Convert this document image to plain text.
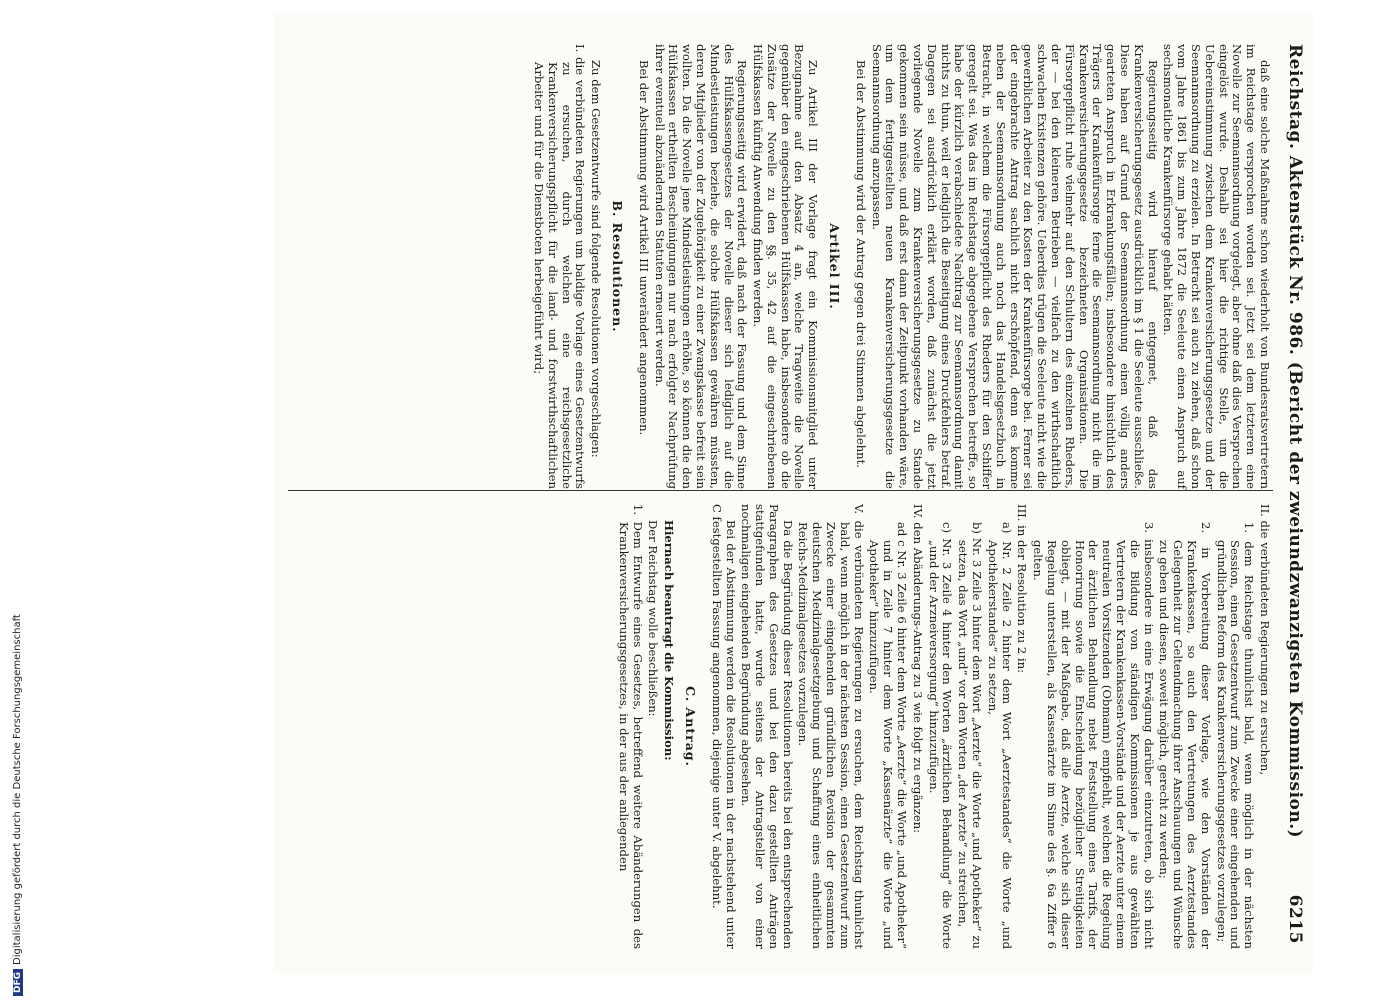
Reichstag. Aktenstück Nr. 986. (Bericht der zweiundzwanzigsten Kommission.)
6215

daß eine solche Maßnahme schon wiederholt von Bundesratsvertretern im Reichstage versprochen worden sei. Jetzt sei dem letzteren eine Novelle zur Seemannsordnung vorgelegt, aber ohne daß dies Versprechen eingelöst wurde. Deshalb sei hier die richtige Stelle, um die Uebereinstimmung zwischen dem Krankenversicherungsgesetze und der Seemannsordnung zu erzielen. In Betracht sei auch zu ziehen, daß schon vom Jahre 1861 bis zum Jahre 1872 die Seeleute einen Anspruch auf sechsmonatliche Krankenfürsorge gehabt hätten.

Regierungsseitig wird hierauf entgegnet, daß das Krankenversicherungsgesetz ausdrücklich im § 1 die Seeleute ausschließe. Diese haben auf Grund der Seemannsordnung einen völlig anders gearteten Anspruch in Erkrankungsfällen; insbesondere hinsichtlich des Trägers der Krankenfürsorge ferne die Seemannsordnung nicht die im Krankenversicherungsgesetze bezeichneten Organisationen. Die Fürsorgepflicht ruhe vielmehr auf den Schultern des einzelnen Rheders, der — bei den kleineren Betrieben — vielfach zu den wirthschaftlich schwachen Existenzen gehöre. Ueberdies trügen die Seeleute nicht wie die gewerblichen Arbeiter zu den Kosten der Krankenfürsorge bei. Ferner sei der eingebrachte Antrag sachlich nicht erschöpfend, denn es komme neben der Seemannsordnung auch noch das Handelsgesetzbuch in Betracht, in welchem die Fürsorgepflicht des Rheders für den Schiffer geregelt sei. Was das im Reichstage abgegebene Versprechen betreffe, so habe der kürzlich verabschiedete Nachtrag zur Seemannsordnung damit nichts zu thun, weil er lediglich die Beseitigung eines Druckfehlers betraf. Dagegen sei ausdrücklich erklärt worden, daß zunächst die jetzt vorliegende Novelle zum Krankenversicherungsgesetze zu Stande gekommen sein müsse, und daß erst dann der Zeitpunkt vorhanden wäre, um dem fertiggestellten neuen Krankenversicherungsgesetze die Seemannsordnung anzupassen.

Bei der Abstimmung wird der Antrag gegen drei Stimmen abgelehnt.

Artikel III.

Zu Artikel III der Vorlage fragt ein Kommissionsmitglied unter Bezugnahme auf den Absatz 4 an, welche Tragweite die Novelle gegenüber den eingeschriebenen Hülfskassen habe, insbesondere ob die Zusätze der Novelle zu den §§. 35, 42 auf die eingeschriebenen Hülfskassen künftig Anwendung finden werden.

Regierungsseitig wird erwidert, daß nach der Fassung und dem Sinne des Hülfskassengesetzes der Novelle dieser sich lediglich auf die Mindestleistungen beziehe, die solche Hülfskassen gewähren müssten, deren Mitglieder von der Zugehörigkeit zu einer Zwangskasse befreit sein wollten. Da die Novelle jene Mindestleistungen erhöhe, so können die den Hülfskassen ertheilten Bescheinigungen nur nach erfolgter Nachprüfung ihrer eventuell abzuändernden Statuten erneuert werden.

Bei der Abstimmung wird Artikel III unverändert angenommen.

B. Resolutionen.

Zu dem Gesetzentwurfe sind folgende Resolutionen vorgeschlagen:

I. die verbündeten Regierungen um baldige Vorlage eines Gesetzentwurfs zu ersuchen, durch welchen eine reichsgesetzliche Krankenversicherungspflicht für die land- und forstwirthschaftlichen Arbeiter und für die Dienstboten herbeigeführt wird;
II. die verbündeten Regierungen zu ersuchen,
1. dem Reichstage thunlichst bald, wenn möglich in der nächsten Session, einen Gesetzentwurf zum Zwecke einer eingehenden und gründlichen Reform des Krankenversicherungsgesetzes vorzulegen;
2. in Vorbereitung dieser Vorlage, wie den Vorständen der Krankenkassen, so auch den Vertretungen des Aerztestandes Gelegenheit zur Geltendmachung ihrer Anschauungen und Wünsche zu geben und diesen, soweit möglich, gerecht zu werden;
3. insbesondere in eine Erwägung darüber einzutreten, ob sich nicht die Bildung von ständigen Kommissionen je aus gewählten Vertretern der Krankenkassen-Vorstände und der Aerzte unter einem neutralen Vorsitzenden (Obmann) empfiehlt, welchen die Regelung der ärztlichen Behandlung nebst Feststellung eines Tarifs, der Honorirung sowie die Entscheidung bezüglicher Streitigkeiten obliegt, — mit der Maßgabe, daß alle Aerzte, welche sich dieser Regelung unterstellen, als Kassenärzte im Sinne des §. 6a Ziffer 6 gelten.
III. in der Resolution zu 2 in:
a) Nr. 2 Zeile 2 hinter dem Wort „Aerztestandes“ die Worte „und Apothekerstandes“ zu setzen,
b) Nr. 3 Zeile 3 hinter dem Wort „Aerzte“ die Worte „und Apotheker“ zu setzen, das Wort „und“ vor den Worten „der Aerzte“ zu streichen,
c) Nr. 3 Zeile 4 hinter den Worten „ärztlichen Behandlung“ die Worte „und der Arzneiversorgung“ hinzuzufügen.
IV. den Abänderungs-Antrag zu 3 wie folgt zu ergänzen:
ad c Nr. 3 Zeile 6 hinter dem Worte „Aerzte“ die Worte „und Apotheker“ und in Zeile 7 hinter dem Worte „Kassenärzte“ die Worte „und Apotheker“ hinzuzufügen.
V. die verbündeten Regierungen zu ersuchen, dem Reichstag thunlichst bald, wenn möglich in der nächsten Session, einen Gesetzentwurf zum Zwecke einer eingehenden gründlichen Revision der gesammten deutschen Medizinalgesetzgebung und Schaffung eines einheitlichen Reichs-Medizinalgesetzes vorzulegen.

Da die Begründung dieser Resolutionen bereits bei den entsprechenden Paragraphen des Gesetzes und bei den dazu gestellten Anträgen stattgefunden hatte, wurde seitens der Antragsteller von einer nochmaligen eingehenden Begründung abgesehen.

Bei der Abstimmung werden die Resolutionen in der nachstehend unter C festgestellten Fassung angenommen, diejenige unter V. abgelehnt.

C. Antrag.

Hiernach beantragt die Kommission:

Der Reichstag wolle beschließen:

1. Dem Entwurfe eines Gesetzes, betreffend weitere Abänderungen des Krankenversicherungsgesetzes, in der aus der anliegenden
DFGDigitalisierung gefördert durch die Deutsche Forschungsgemeinschaft
